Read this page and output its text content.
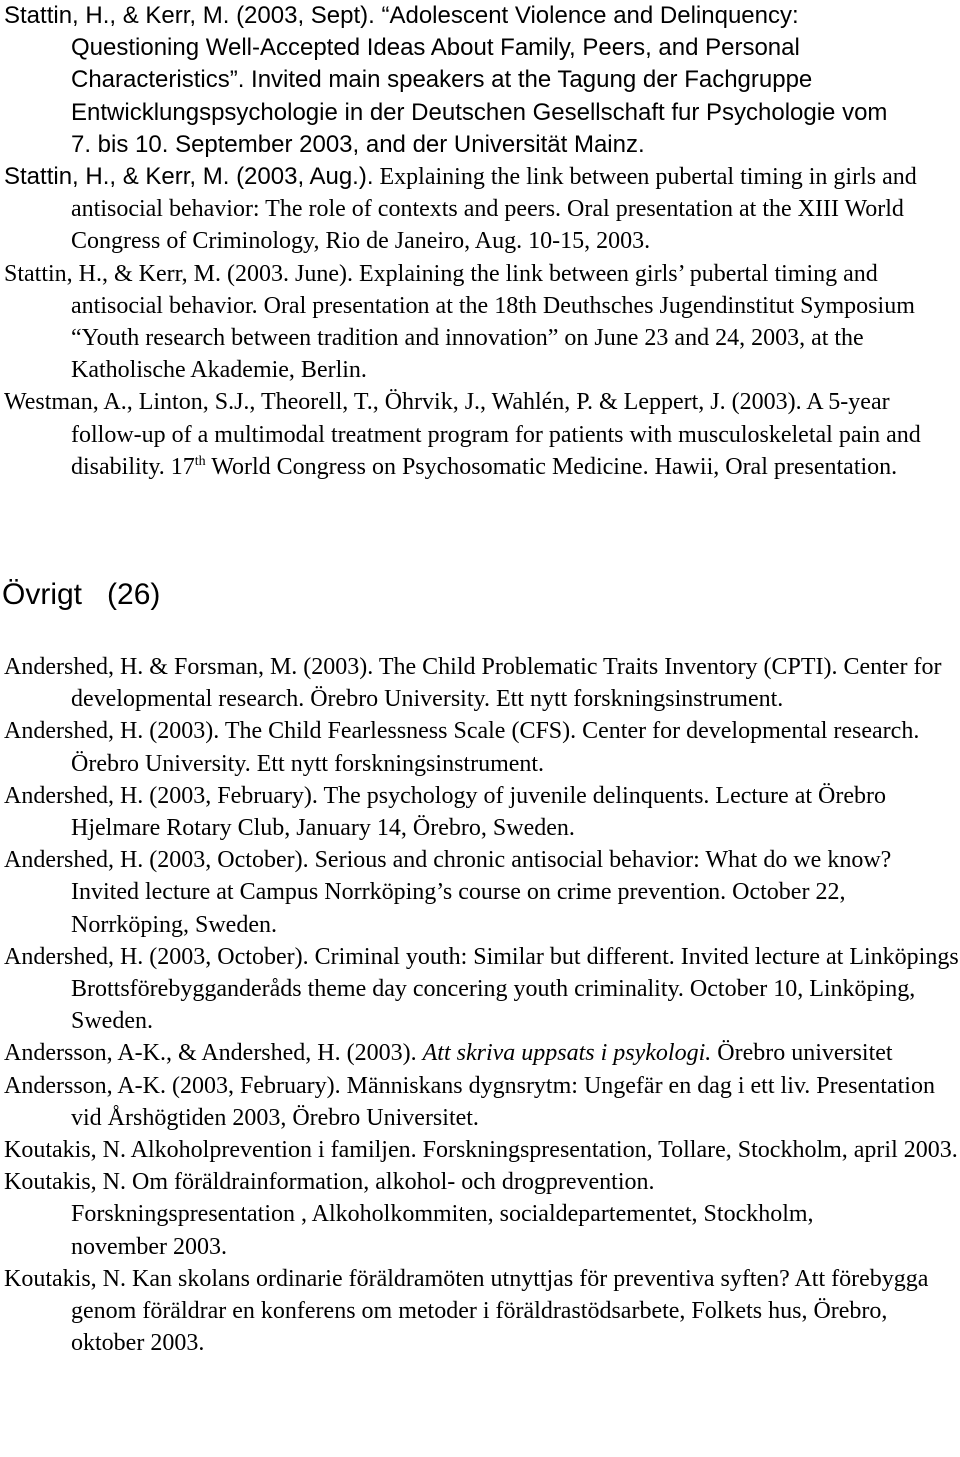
Stattin, H., & Kerr, M. (2003, Sept). “Adolescent Violence and Delinquency:
Questioning Well-Accepted Ideas About Family, Peers, and Personal
Characteristics”. Invited main speakers at the Tagung der Fachgruppe
Entwicklungspsychologie in der Deutschen Gesellschaft fur Psychologie vom
7. bis 10. September 2003, and der Universität Mainz.
Stattin, H., & Kerr, M. (2003, Aug.). Explaining the link between pubertal timing in girls and antisocial behavior: The role of contexts and peers. Oral presentation at the XIII World Congress of Criminology, Rio de Janeiro, Aug. 10-15, 2003.
Stattin, H., & Kerr, M. (2003. June). Explaining the link between girls’ pubertal timing and antisocial behavior. Oral presentation at the 18th Deuthsches Jugendinstitut Symposium “Youth research between tradition and innovation” on June 23 and 24, 2003, at the Katholische Akademie, Berlin.
Westman, A., Linton, S.J., Theorell, T., Öhrvik, J., Wahlén, P. & Leppert, J. (2003). A 5-year follow-up of a multimodal treatment program for patients with musculoskeletal pain and disability. 17th World Congress on Psychosomatic Medicine. Hawii, Oral presentation.
Övrigt (26)
Andershed, H. & Forsman, M. (2003). The Child Problematic Traits Inventory (CPTI). Center for developmental research. Örebro University. Ett nytt forskningsinstrument.
Andershed, H. (2003). The Child Fearlessness Scale (CFS). Center for developmental research. Örebro University. Ett nytt forskningsinstrument.
Andershed, H. (2003, February). The psychology of juvenile delinquents. Lecture at Örebro Hjelmare Rotary Club, January 14, Örebro, Sweden.
Andershed, H. (2003, October). Serious and chronic antisocial behavior: What do we know? Invited lecture at Campus Norrköping’s course on crime prevention. October 22, Norrköping, Sweden.
Andershed, H. (2003, October). Criminal youth: Similar but different. Invited lecture at Linköpings Brottsförebygganderåds theme day concering youth criminality. October 10, Linköping, Sweden.
Andersson, A-K., & Andershed, H. (2003). Att skriva uppsats i psykologi. Örebro universitet
Andersson, A-K. (2003, February). Människans dygnsrytm: Ungefär en dag i ett liv. Presentation vid Årshögtiden 2003, Örebro Universitet.
Koutakis, N. Alkoholprevention i familjen. Forskningspresentation, Tollare, Stockholm, april 2003.
Koutakis, N. Om föräldrainformation, alkohol- och drogprevention.
Forskningspresentation , Alkoholkommiten, socialdepartementet, Stockholm,
november 2003.
Koutakis, N. Kan skolans ordinarie föräldramöten utnyttjas för preventiva syften? Att förebygga genom föräldrar en konferens om metoder i föräldrastödsarbete, Folkets hus, Örebro, oktober 2003.
